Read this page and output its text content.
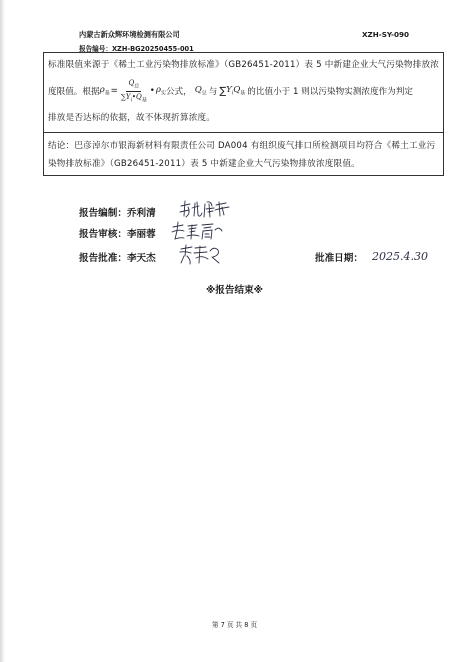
内蒙古新众辉环境检测有限公司
报告编号：XZH-BG20250455-001
XZH-SY-090
标准限值来源于《稀土工业污染物排放标准》（GB26451-2011）表 5 中新建企业大气污染物排放浓
度限值。根据 $\rho_基 = \frac{Q_总}{\sum Y_i•Q_基}$ • $\rho_实$ 公式， $Q_总$ 与 ∑ $Y_iQ_基$ 的比值小于 1 则以污染物实测浓度作为判定
排放是否达标的依据，故不体现折算浓度。
结论：巴彦淖尔市银海新材料有限责任公司 DA004 有组织废气排口所检测项目均符合《稀土工业污
染物排放标准》（GB26451-2011）表 5 中新建企业大气污染物排放浓度限值。
报告编制：乔利清
报告审核：李丽蓉
报告批准：李天杰	批准日期： 2025.4.30
※报告结束※
第 7 页 共 8 页
